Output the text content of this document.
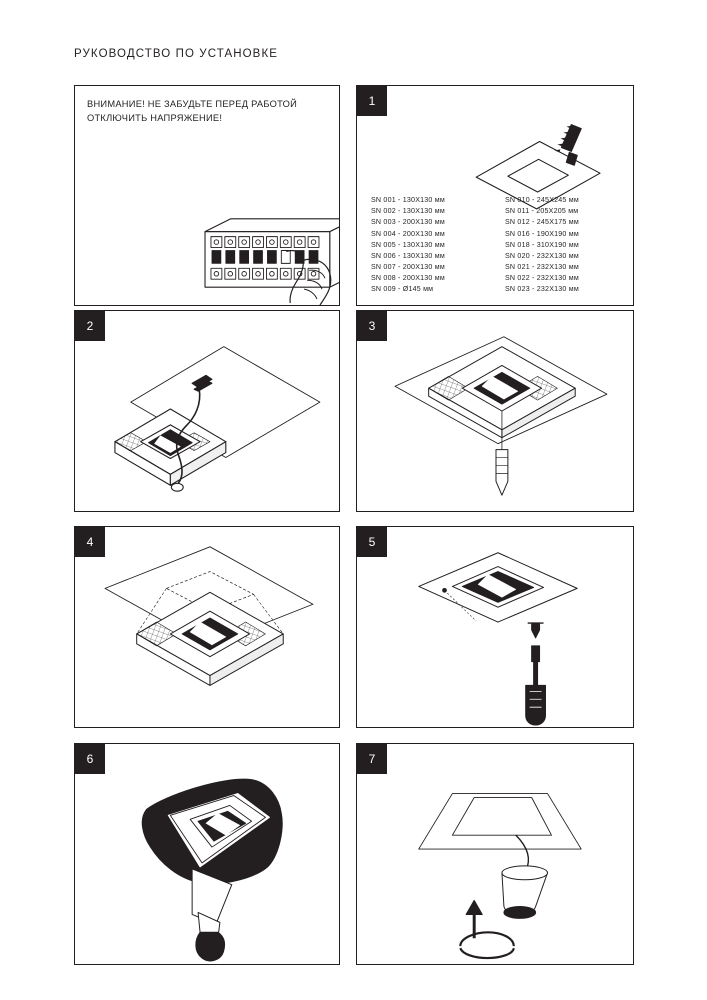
РУКОВОДСТВО ПО УСТАНОВКЕ
ВНИМАНИЕ! НЕ ЗАБУДЬТЕ ПЕРЕД РАБОТОЙ ОТКЛЮЧИТЬ НАПРЯЖЕНИЕ!
1
SN 001 - 130X130 мм
SN 002 - 130X130 мм
SN 003 - 200X130 мм
SN 004 - 200X130 мм
SN 005 - 130X130 мм
SN 006 - 130X130 мм
SN 007 - 200X130 мм
SN 008 - 200X130 мм
SN 009 - Ø145 мм
SN 010 - 245X245 мм
SN 011 - 205X205 мм
SN 012 - 245X175 мм
SN 016 - 190X190 мм
SN 018 - 310X190 мм
SN 020 - 232X130 мм
SN 021 - 232X130 мм
SN 022 - 232X130 мм
SN 023 - 232X130 мм
2	3
4	5
6	7
